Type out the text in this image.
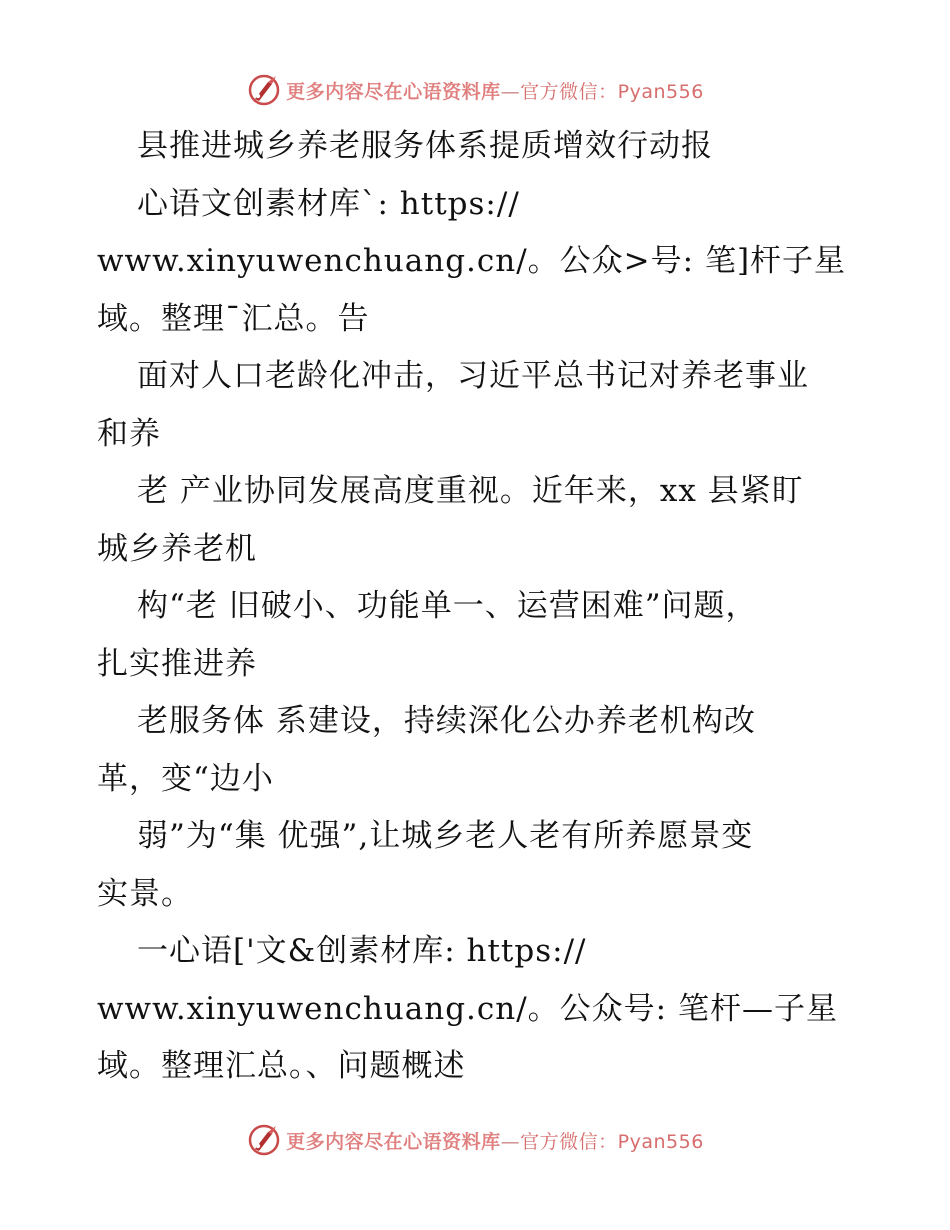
更多内容尽在心语资料库—官方微信：Pyan556
县推进城乡养老服务体系提质增效行动报
心语文创素材库`: https://
www.xinyuwenchuang.cn/。公众>号: 笔]杆子星
域。整理¯汇总。告
面对人口老龄化冲击，习近平总书记对养老事业
和养
老 产业协同发展高度重视。近年来，xx 县紧盯
城乡养老机
构“老 旧破小、功能单一、运营困难”问题，
扎实推进养
老服务体 系建设，持续深化公办养老机构改
革，变“边小
弱”为“集 优强”,让城乡老人老有所养愿景变
实景。
一心语['文&创素材库: https://
www.xinyuwenchuang.cn/。公众号: 笔杆—子星
域。整理汇总。、问题概述
更多内容尽在心语资料库—官方微信：Pyan556
